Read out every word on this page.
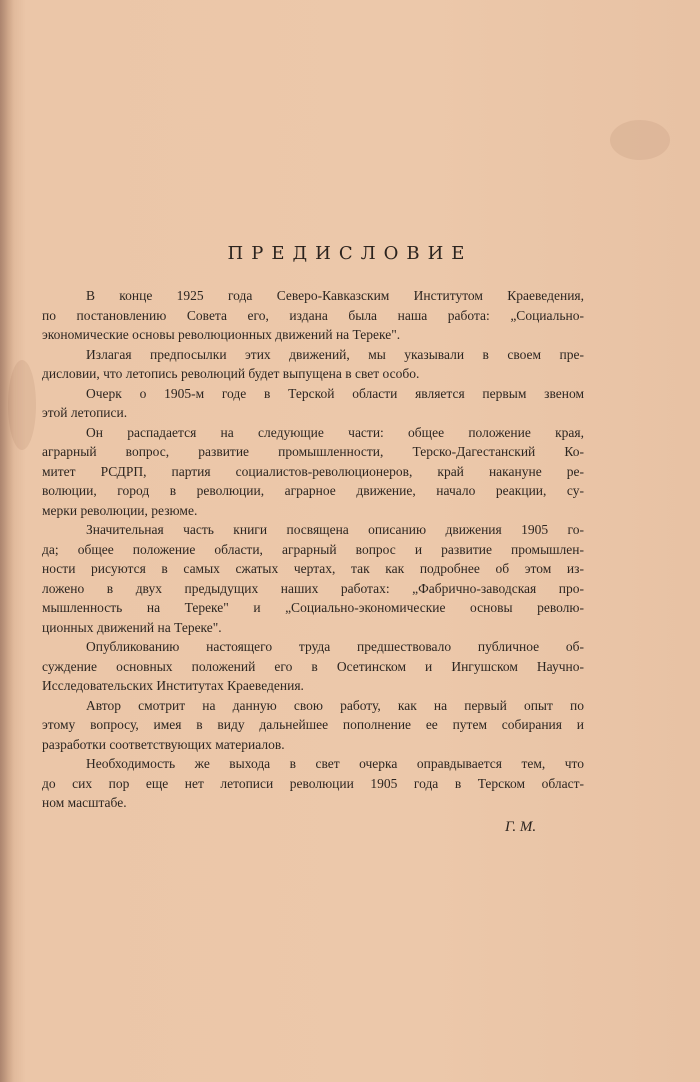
ПРЕДИСЛОВИЕ

В конце 1925 года Северо-Кавказским Институтом Краеведения,
по постановлению Совета его, издана была наша работа: „Социально-
экономические основы революционных движений на Тереке".

Излагая предпосылки этих движений, мы указывали в своем пре-
дисловии, что летопись революций будет выпущена в свет особо.

Очерк о 1905-м годе в Терской области является первым звеном
этой летописи.

Он распадается на следующие части: общее положение края,
аграрный вопрос, развитие промышленности, Терско-Дагестанский Ко-
митет РСДРП, партия социалистов-революционеров, край накануне ре-
волюции, город в революции, аграрное движение, начало реакции, су-
мерки революции, резюме.

Значительная часть книги посвящена описанию движения 1905 го-
да; общее положение области, аграрный вопрос и развитие промышлен-
ности рисуются в самых сжатых чертах, так как подробнее об этом из-
ложено в двух предыдущих наших работах: „Фабрично-заводская про-
мышленность на Тереке" и „Социально-экономические основы револю-
ционных движений на Тереке".

Опубликованию настоящего труда предшествовало публичное об-
суждение основных положений его в Осетинском и Ингушском Научно-
Исследовательских Институтах Краеведения.

Автор смотрит на данную свою работу, как на первый опыт по
этому вопросу, имея в виду дальнейшее пополнение ее путем собирания и
разработки соответствующих материалов.

Необходимость же выхода в свет очерка оправдывается тем, что
до сих пор еще нет летописи революции 1905 года в Терском област-
ном масштабе.

Г. М.
